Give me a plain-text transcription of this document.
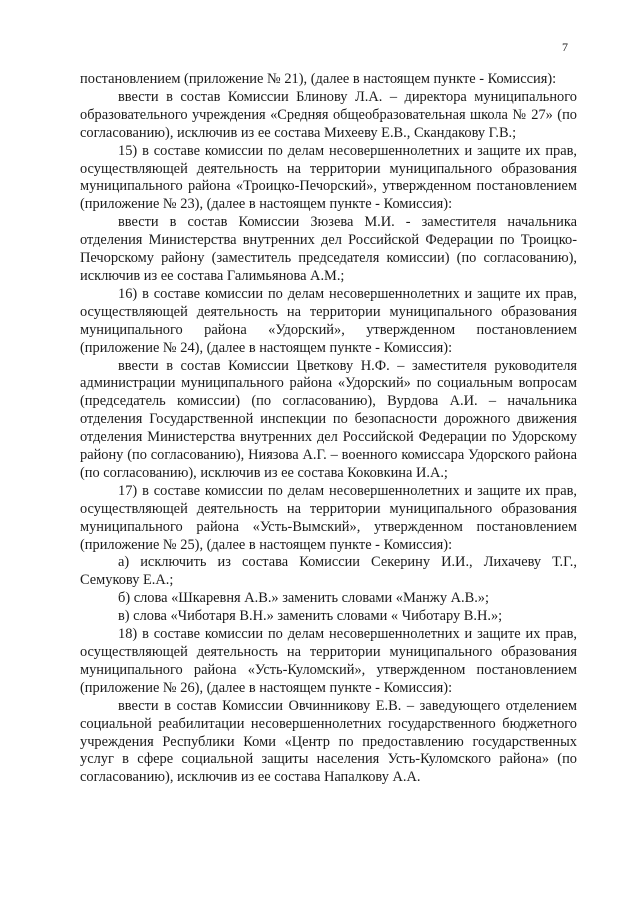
7

постановлением (приложение № 21), (далее в настоящем пункте - Комиссия):

ввести в состав Комиссии Блинову Л.А. – директора муниципального образовательного учреждения «Средняя общеобразовательная школа № 27» (по согласованию), исключив из ее состава Михееву Е.В., Скандакову Г.В.;

15) в составе комиссии по делам несовершеннолетних и защите их прав, осуществляющей деятельность на территории муниципального образования муниципального района «Троицко-Печорский», утвержденном постановлением (приложение № 23), (далее в настоящем пункте - Комиссия):

ввести в состав Комиссии Зюзева М.И. - заместителя начальника отделения Министерства внутренних дел Российской Федерации по Троицко-Печорскому району (заместитель председателя комиссии) (по согласованию), исключив из ее состава Галимьянова А.М.;

16) в составе комиссии по делам несовершеннолетних и защите их прав, осуществляющей деятельность на территории муниципального образования муниципального района «Удорский», утвержденном постановлением (приложение № 24), (далее в настоящем пункте - Комиссия):

ввести в состав Комиссии Цветкову Н.Ф. – заместителя руководителя администрации муниципального района «Удорский» по социальным вопросам (председатель комиссии) (по согласованию), Вурдова А.И. – начальника отделения Государственной инспекции по безопасности дорожного движения отделения Министерства внутренних дел Российской Федерации по Удорскому району (по согласованию), Ниязова А.Г. – военного комиссара Удорского района (по согласованию), исключив из ее состава Коковкина И.А.;

17) в составе комиссии по делам несовершеннолетних и защите их прав, осуществляющей деятельность на территории муниципального образования муниципального района «Усть-Вымский», утвержденном постановлением (приложение № 25), (далее в настоящем пункте - Комиссия):

а) исключить из состава Комиссии Секерину И.И., Лихачеву Т.Г., Семукову Е.А.;

б) слова «Шкаревня А.В.» заменить словами «Манжу А.В.»;

в) слова «Чиботаря В.Н.» заменить словами « Чиботару В.Н.»;

18) в составе комиссии по делам несовершеннолетних и защите их прав, осуществляющей деятельность на территории муниципального образования муниципального района «Усть-Куломский», утвержденном постановлением (приложение № 26), (далее в настоящем пункте - Комиссия):

ввести в состав Комиссии Овчинникову Е.В. – заведующего отделением социальной реабилитации несовершеннолетних государственного бюджетного учреждения Республики Коми «Центр по предоставлению государственных услуг в сфере социальной защиты населения Усть-Куломского района» (по согласованию), исключив из ее состава Напалкову А.А.
